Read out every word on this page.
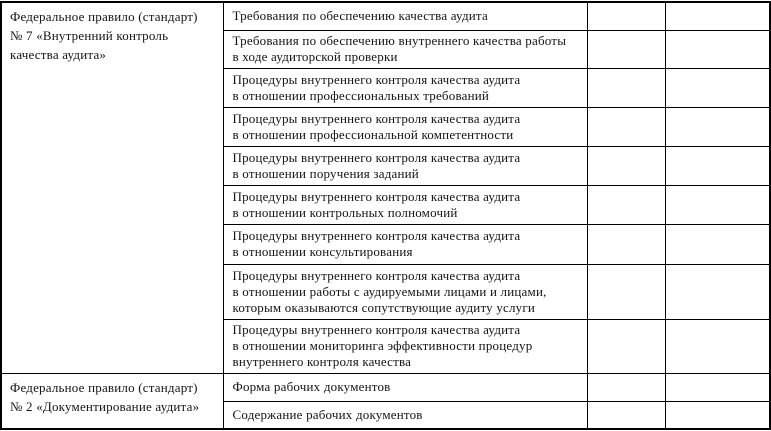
Федеральное правило (стандарт)
№ 7 «Внутренний контроль
качества аудита»	Требования по обеспечению качества аудита		
	Требования по обеспечению внутреннего качества работы
в ходе аудиторской проверки		
	Процедуры внутреннего контроля качества аудита
в отношении профессиональных требований		
	Процедуры внутреннего контроля качества аудита
в отношении профессиональной компетентности		
	Процедуры внутреннего контроля качества аудита
в отношении поручения заданий		
	Процедуры внутреннего контроля качества аудита
в отношении контрольных полномочий		
	Процедуры внутреннего контроля качества аудита
в отношении консультирования		
	Процедуры внутреннего контроля качества аудита
в отношении работы с аудируемыми лицами и лицами,
которым оказываются сопутствующие аудиту услуги		
	Процедуры внутреннего контроля качества аудита
в отношении мониторинга эффективности процедур
внутреннего контроля качества		
Федеральное правило (стандарт)
№ 2 «Документирование аудита»	Форма рабочих документов		
	Содержание рабочих документов		
